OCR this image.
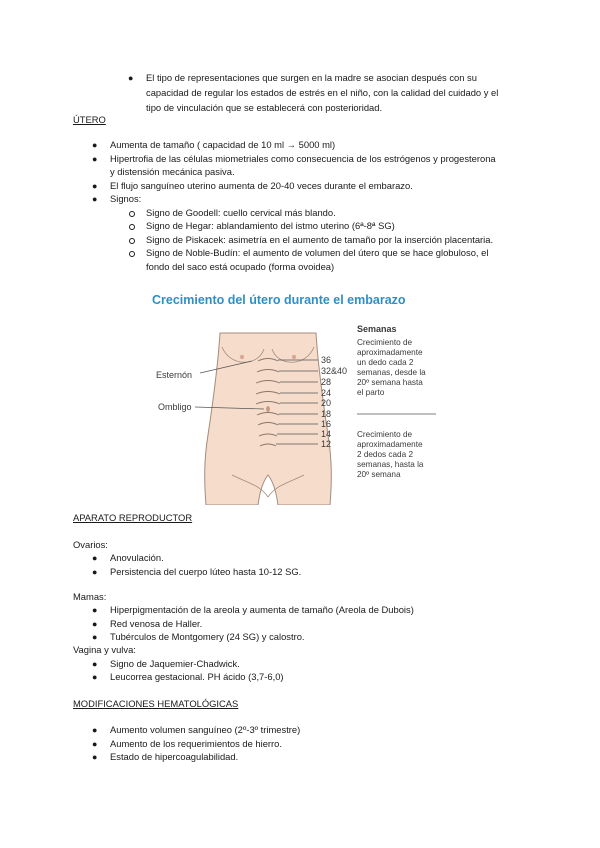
● El tipo de representaciones que surgen en la madre se asocian después con su
capacidad de regular los estados de estrés en el niño, con la calidad del cuidado y el
tipo de vinculación que se establecerá con posterioridad.
ÚTERO
● Aumenta de tamaño ( capacidad de 10 ml → 5000 ml)
● Hipertrofia de las células miometriales como consecuencia de los estrógenos y progesterona
y distensión mecánica pasiva.
● El flujo sanguíneo uterino aumenta de 20-40 veces durante el embarazo.
● Signos:
Signo de Goodell: cuello cervical más blando.
Signo de Hegar: ablandamiento del istmo uterino (6ª-8ª SG)
Signo de Piskacek: asimetría en el aumento de tamaño por la inserción placentaria.
Signo de Noble-Budín: el aumento de volumen del útero que se hace globuloso, el
fondo del saco está ocupado (forma ovoidea)
Crecimiento del útero durante el embarazo
36
32&40
28
24
20
18
16
14
12
Esternón
Ombligo
Semanas
Crecimiento de
aproximadamente
un dedo cada 2
semanas, desde la
20º semana hasta
el parto
Crecimiento de
aproximadamente
2 dedos cada 2
semanas, hasta la
20º semana
APARATO REPRODUCTOR
Ovarios:
● Anovulación.
● Persistencia del cuerpo lúteo hasta 10-12 SG.
Mamas:
● Hiperpigmentación de la areola y aumenta de tamaño (Areola de Dubois)
● Red venosa de Haller.
● Tubérculos de Montgomery (24 SG) y calostro.
Vagina y vulva:
● Signo de Jaquemier-Chadwick.
● Leucorrea gestacional. PH ácido (3,7-6,0)
MODIFICACIONES HEMATOLÓGICAS
● Aumento volumen sanguíneo (2º-3º trimestre)
● Aumento de los requerimientos de hierro.
● Estado de hipercoagulabilidad.
